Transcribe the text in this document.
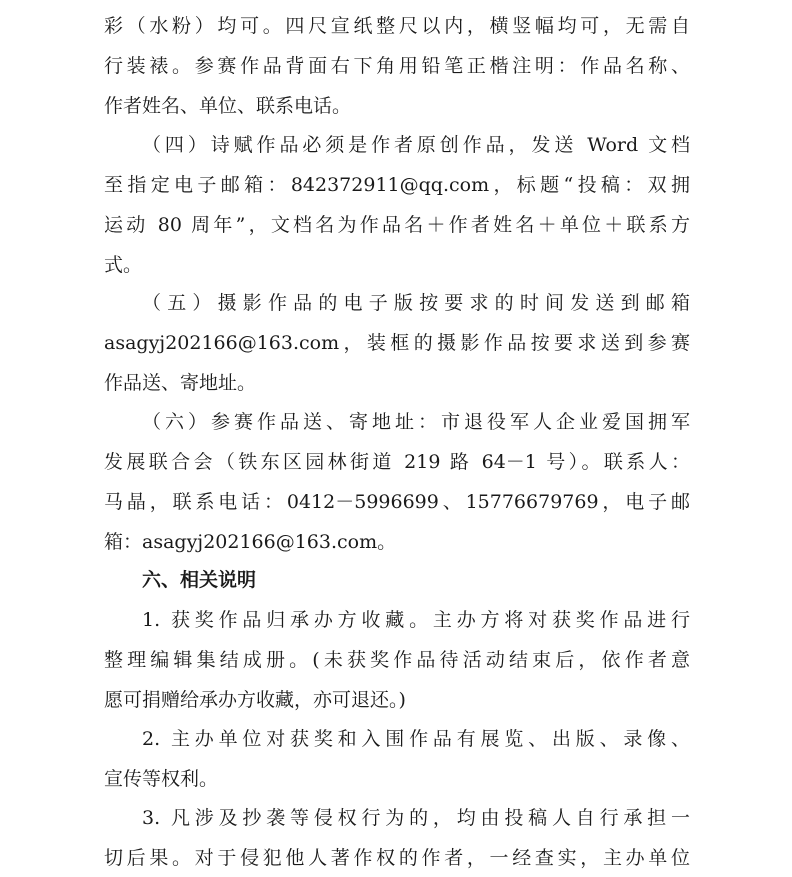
彩（水粉）均可。四尺宣纸整尺以内，横竖幅均可，无需自
行装裱。参赛作品背面右下角用铅笔正楷注明：作品名称、
作者姓名、单位、联系电话。
（四）诗赋作品必须是作者原创作品，发送 Word 文档
至指定电子邮箱：842372911@qq.com，标题“投稿：双拥
运动 80 周年”，文档名为作品名＋作者姓名＋单位＋联系方
式。
（五）摄影作品的电子版按要求的时间发送到邮箱
asagyj202166@163.com，装框的摄影作品按要求送到参赛
作品送、寄地址。
（六）参赛作品送、寄地址：市退役军人企业爱国拥军
发展联合会（铁东区园林街道 219 路 64－1 号）。联系人：
马晶，联系电话：0412－5996699、15776679769，电子邮
箱：asagyj202166@163.com。
六、相关说明
1. 获奖作品归承办方收藏。主办方将对获奖作品进行
整理编辑集结成册。(未获奖作品待活动结束后，依作者意
愿可捐赠给承办方收藏，亦可退还。)
2. 主办单位对获奖和入围作品有展览、出版、录像、
宣传等权利。
3. 凡涉及抄袭等侵权行为的，均由投稿人自行承担一
切后果。对于侵犯他人著作权的作者，一经查实，主办单位
